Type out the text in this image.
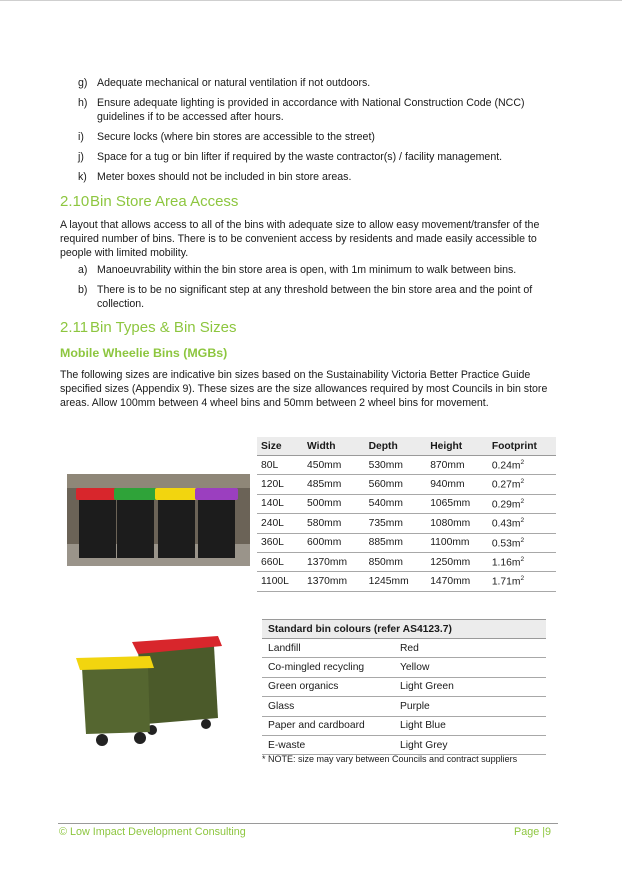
g) Adequate mechanical or natural ventilation if not outdoors.
h) Ensure adequate lighting is provided in accordance with National Construction Code (NCC) guidelines if to be accessed after hours.
i) Secure locks (where bin stores are accessible to the street)
j) Space for a tug or bin lifter if required by the waste contractor(s) / facility management.
k) Meter boxes should not be included in bin store areas.
2.10Bin Store Area Access

A layout that allows access to all of the bins with adequate size to allow easy movement/transfer of the required number of bins. There is to be convenient access by residents and made easily accessible to people with limited mobility.

a) Manoeuvrability within the bin store area is open, with 1m minimum to walk between bins.
b) There is to be no significant step at any threshold between the bin store area and the point of collection.
2.11 Bin Types & Bin Sizes
Mobile Wheelie Bins (MGBs)

The following sizes are indicative bin sizes based on the Sustainability Victoria Better Practice Guide specified sizes (Appendix 9). These sizes are the size allowances required by most Councils in bin store areas. Allow 100mm between 4 wheel bins and 50mm between 2 wheel bins for movement.

Size	Width	Depth	Height	Footprint
80L	450mm	530mm	870mm	$0.24m^2$
120L	485mm	560mm	940mm	$0.27m^2$
140L	500mm	540mm	1065mm	$0.29m^2$
240L	580mm	735mm	1080mm	$0.43m^2$
360L	600mm	885mm	1100mm	$0.53m^2$
660L	1370mm	850mm	1250mm	$1.16m^2$
1100L	1370mm	1245mm	1470mm	$1.71m^2$
Standard bin colours (refer AS4123.7)	
Landfill	Red
Co-mingled recycling	Yellow
Green organics	Light Green
Glass	Purple
Paper and cardboard	Light Blue
E-waste	Light Grey
* NOTE: size may vary between Councils and contract suppliers
© Low Impact Development Consulting	Page |9
